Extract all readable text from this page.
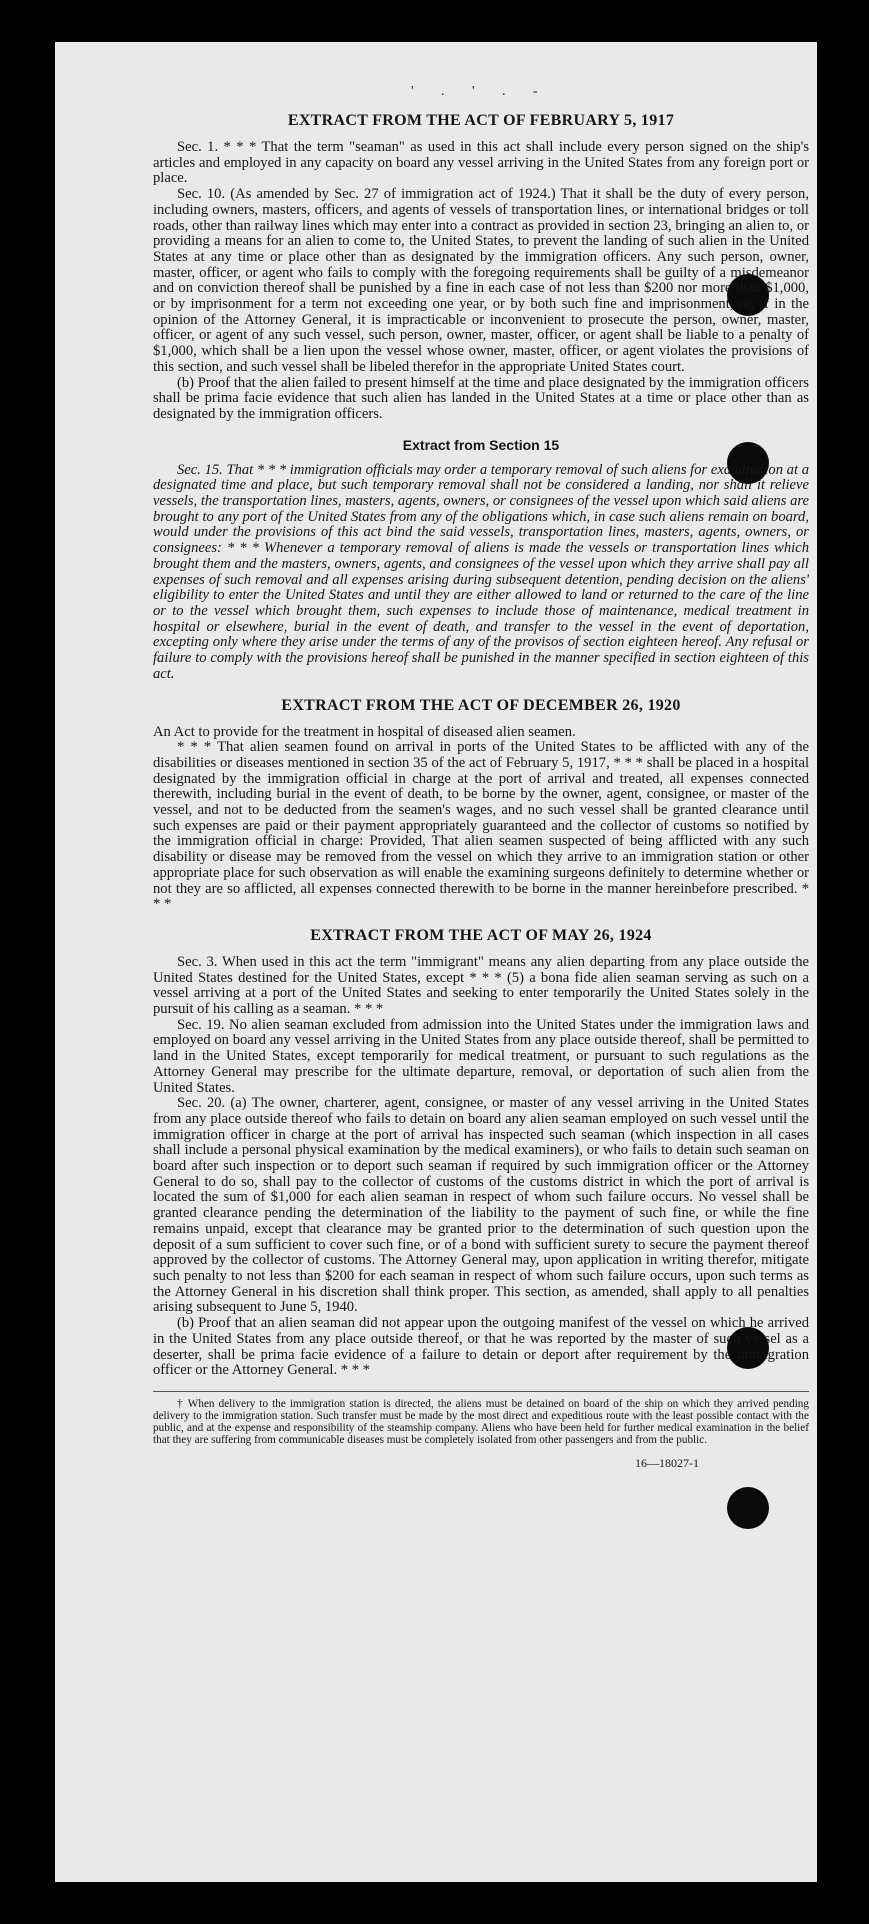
' . ' . -
EXTRACT FROM THE ACT OF FEBRUARY 5, 1917

Sec. 1. * * * That the term "seaman" as used in this act shall include every person signed on the ship's articles and employed in any capacity on board any vessel arriving in the United States from any foreign port or place.

Sec. 10. (As amended by Sec. 27 of immigration act of 1924.) That it shall be the duty of every person, including owners, masters, officers, and agents of vessels of transportation lines, or international bridges or toll roads, other than railway lines which may enter into a contract as provided in section 23, bringing an alien to, or providing a means for an alien to come to, the United States, to prevent the landing of such alien in the United States at any time or place other than as designated by the immigration officers. Any such person, owner, master, officer, or agent who fails to comply with the foregoing requirements shall be guilty of a misdemeanor and on conviction thereof shall be punished by a fine in each case of not less than $200 nor more than $1,000, or by imprisonment for a term not exceeding one year, or by both such fine and imprisonment; or, if in the opinion of the Attorney General, it is impracticable or inconvenient to prosecute the person, owner, master, officer, or agent of any such vessel, such person, owner, master, officer, or agent shall be liable to a penalty of $1,000, which shall be a lien upon the vessel whose owner, master, officer, or agent violates the provisions of this section, and such vessel shall be libeled therefor in the appropriate United States court.

(b) Proof that the alien failed to present himself at the time and place designated by the immigration officers shall be prima facie evidence that such alien has landed in the United States at a time or place other than as designated by the immigration officers.

Extract from Section 15

Sec. 15. That * * * immigration officials may order a temporary removal of such aliens for examination at a designated time and place, but such temporary removal shall not be considered a landing, nor shall it relieve vessels, the transportation lines, masters, agents, owners, or consignees of the vessel upon which said aliens are brought to any port of the United States from any of the obligations which, in case such aliens remain on board, would under the provisions of this act bind the said vessels, transportation lines, masters, agents, owners, or consignees: * * * Whenever a temporary removal of aliens is made the vessels or transportation lines which brought them and the masters, owners, agents, and consignees of the vessel upon which they arrive shall pay all expenses of such removal and all expenses arising during subsequent detention, pending decision on the aliens' eligibility to enter the United States and until they are either allowed to land or returned to the care of the line or to the vessel which brought them, such expenses to include those of maintenance, medical treatment in hospital or elsewhere, burial in the event of death, and transfer to the vessel in the event of deportation, excepting only where they arise under the terms of any of the provisos of section eighteen hereof. Any refusal or failure to comply with the provisions hereof shall be punished in the manner specified in section eighteen of this act.

EXTRACT FROM THE ACT OF DECEMBER 26, 1920

An Act to provide for the treatment in hospital of diseased alien seamen.

* * * That alien seamen found on arrival in ports of the United States to be afflicted with any of the disabilities or diseases mentioned in section 35 of the act of February 5, 1917, * * * shall be placed in a hospital designated by the immigration official in charge at the port of arrival and treated, all expenses connected therewith, including burial in the event of death, to be borne by the owner, agent, consignee, or master of the vessel, and not to be deducted from the seamen's wages, and no such vessel shall be granted clearance until such expenses are paid or their payment appropriately guaranteed and the collector of customs so notified by the immigration official in charge: Provided, That alien seamen suspected of being afflicted with any such disability or disease may be removed from the vessel on which they arrive to an immigration station or other appropriate place for such observation as will enable the examining surgeons definitely to determine whether or not they are so afflicted, all expenses connected therewith to be borne in the manner hereinbefore prescribed. * * *

EXTRACT FROM THE ACT OF MAY 26, 1924

Sec. 3. When used in this act the term "immigrant" means any alien departing from any place outside the United States destined for the United States, except * * * (5) a bona fide alien seaman serving as such on a vessel arriving at a port of the United States and seeking to enter temporarily the United States solely in the pursuit of his calling as a seaman. * * *

Sec. 19. No alien seaman excluded from admission into the United States under the immigration laws and employed on board any vessel arriving in the United States from any place outside thereof, shall be permitted to land in the United States, except temporarily for medical treatment, or pursuant to such regulations as the Attorney General may prescribe for the ultimate departure, removal, or deportation of such alien from the United States.

Sec. 20. (a) The owner, charterer, agent, consignee, or master of any vessel arriving in the United States from any place outside thereof who fails to detain on board any alien seaman employed on such vessel until the immigration officer in charge at the port of arrival has inspected such seaman (which inspection in all cases shall include a personal physical examination by the medical examiners), or who fails to detain such seaman on board after such inspection or to deport such seaman if required by such immigration officer or the Attorney General to do so, shall pay to the collector of customs of the customs district in which the port of arrival is located the sum of $1,000 for each alien seaman in respect of whom such failure occurs. No vessel shall be granted clearance pending the determination of the liability to the payment of such fine, or while the fine remains unpaid, except that clearance may be granted prior to the determination of such question upon the deposit of a sum sufficient to cover such fine, or of a bond with sufficient surety to secure the payment thereof approved by the collector of customs. The Attorney General may, upon application in writing therefor, mitigate such penalty to not less than $200 for each seaman in respect of whom such failure occurs, upon such terms as the Attorney General in his discretion shall think proper. This section, as amended, shall apply to all penalties arising subsequent to June 5, 1940.

(b) Proof that an alien seaman did not appear upon the outgoing manifest of the vessel on which he arrived in the United States from any place outside thereof, or that he was reported by the master of such vessel as a deserter, shall be prima facie evidence of a failure to detain or deport after requirement by the immigration officer or the Attorney General. * * *

† When delivery to the immigration station is directed, the aliens must be detained on board of the ship on which they arrived pending delivery to the immigration station. Such transfer must be made by the most direct and expeditious route with the least possible contact with the public, and at the expense and responsibility of the steamship company. Aliens who have been held for further medical examination in the belief that they are suffering from communicable diseases must be completely isolated from other passengers and from the public.

16—18027-1
